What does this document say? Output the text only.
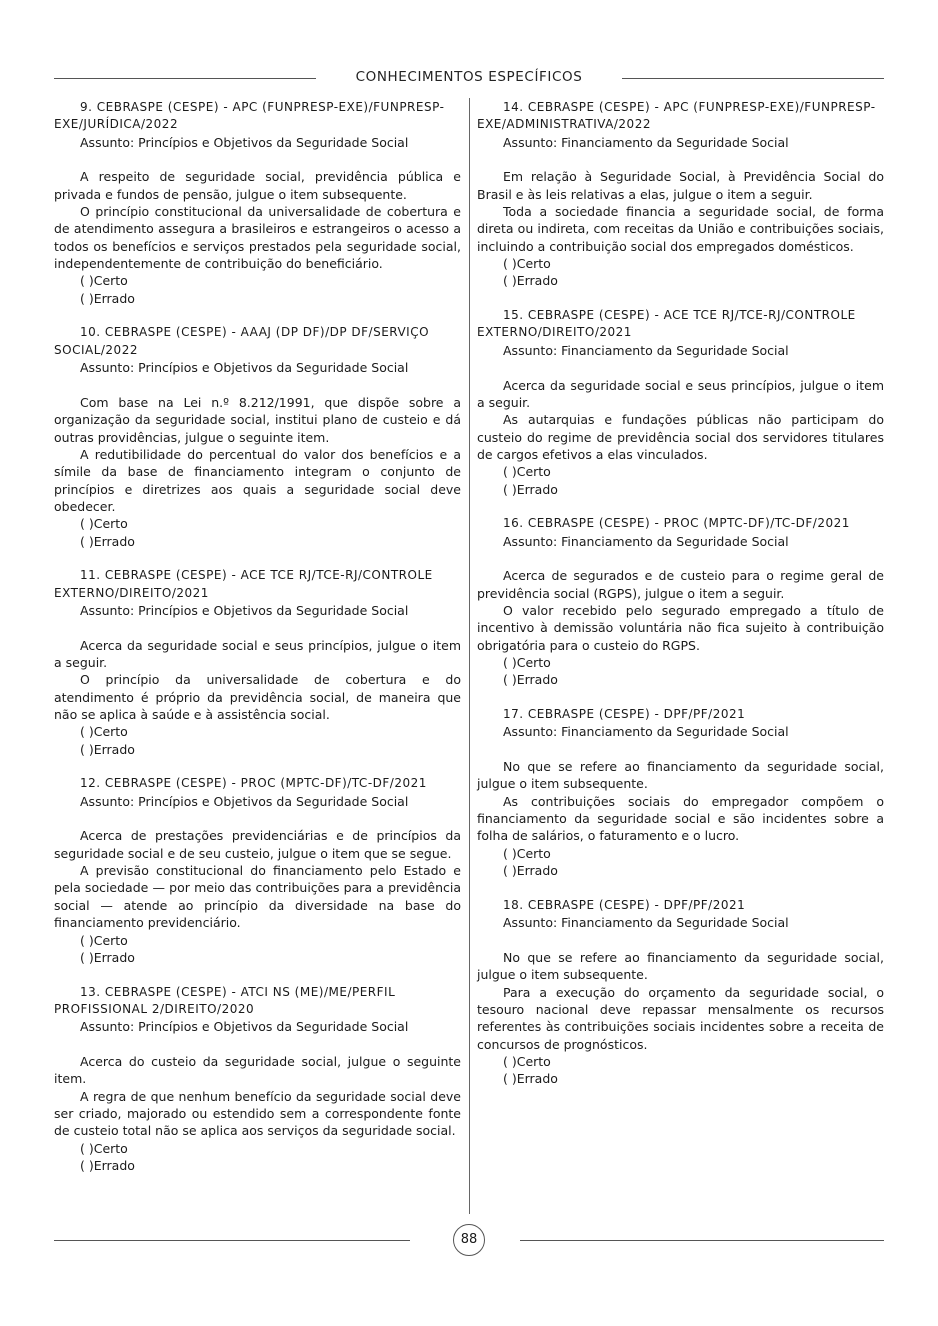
CONHECIMENTOS ESPECÍFICOS

9. CEBRASPE (CESPE) - APC (FUNPRESP-EXE)/FUNPRESP-EXE/JURÍDICA/2022

Assunto: Princípios e Objetivos da Seguridade Social

A respeito de seguridade social, previdência pública e privada e fundos de pensão, julgue o item subsequente.

O princípio constitucional da universalidade de cobertura e de atendimento assegura a brasileiros e estrangeiros o acesso a todos os benefícios e serviços prestados pela seguridade social, independentemente de contribuição do beneficiário.

( )Certo

( )Errado

10. CEBRASPE (CESPE) - AAAJ (DP DF)/DP DF/SERVIÇO SOCIAL/2022

Assunto: Princípios e Objetivos da Seguridade Social

Com base na Lei n.º 8.212/1991, que dispõe sobre a organização da seguridade social, institui plano de custeio e dá outras providências, julgue o seguinte item.

A redutibilidade do percentual do valor dos benefícios e a símile da base de financiamento integram o conjunto de princípios e diretrizes aos quais a seguridade social deve obedecer.

( )Certo

( )Errado

11. CEBRASPE (CESPE) - ACE TCE RJ/TCE-RJ/CONTROLE EXTERNO/DIREITO/2021

Assunto: Princípios e Objetivos da Seguridade Social

Acerca da seguridade social e seus princípios, julgue o item a seguir.

O princípio da universalidade de cobertura e do atendimento é próprio da previdência social, de maneira que não se aplica à saúde e à assistência social.

( )Certo

( )Errado

12. CEBRASPE (CESPE) - PROC (MPTC-DF)/TC-DF/2021

Assunto: Princípios e Objetivos da Seguridade Social

Acerca de prestações previdenciárias e de princípios da seguridade social e de seu custeio, julgue o item que se segue.

A previsão constitucional do financiamento pelo Estado e pela sociedade — por meio das contribuições para a previdência social — atende ao princípio da diversidade na base do financiamento previdenciário.

( )Certo

( )Errado

13. CEBRASPE (CESPE) - ATCI NS (ME)/ME/PERFIL PROFISSIONAL 2/DIREITO/2020

Assunto: Princípios e Objetivos da Seguridade Social

Acerca do custeio da seguridade social, julgue o seguinte item.

A regra de que nenhum benefício da seguridade social deve ser criado, majorado ou estendido sem a correspondente fonte de custeio total não se aplica aos serviços da seguridade social.

( )Certo

( )Errado

14. CEBRASPE (CESPE) - APC (FUNPRESP-EXE)/FUNPRESP-EXE/ADMINISTRATIVA/2022

Assunto: Financiamento da Seguridade Social

Em relação à Seguridade Social, à Previdência Social do Brasil e às leis relativas a elas, julgue o item a seguir.

Toda a sociedade financia a seguridade social, de forma direta ou indireta, com receitas da União e contribuições sociais, incluindo a contribuição social dos empregados domésticos.

( )Certo

( )Errado

15. CEBRASPE (CESPE) - ACE TCE RJ/TCE-RJ/CONTROLE EXTERNO/DIREITO/2021

Assunto: Financiamento da Seguridade Social

Acerca da seguridade social e seus princípios, julgue o item a seguir.

As autarquias e fundações públicas não participam do custeio do regime de previdência social dos servidores titulares de cargos efetivos a elas vinculados.

( )Certo

( )Errado

16. CEBRASPE (CESPE) - PROC (MPTC-DF)/TC-DF/2021

Assunto: Financiamento da Seguridade Social

Acerca de segurados e de custeio para o regime geral de previdência social (RGPS), julgue o item a seguir.

O valor recebido pelo segurado empregado a título de incentivo à demissão voluntária não fica sujeito à contribuição obrigatória para o custeio do RGPS.

( )Certo

( )Errado

17. CEBRASPE (CESPE) - DPF/PF/2021

Assunto: Financiamento da Seguridade Social

No que se refere ao financiamento da seguridade social, julgue o item subsequente.

As contribuições sociais do empregador compõem o financiamento da seguridade social e são incidentes sobre a folha de salários, o faturamento e o lucro.

( )Certo

( )Errado

18. CEBRASPE (CESPE) - DPF/PF/2021

Assunto: Financiamento da Seguridade Social

No que se refere ao financiamento da seguridade social, julgue o item subsequente.

Para a execução do orçamento da seguridade social, o tesouro nacional deve repassar mensalmente os recursos referentes às contribuições sociais incidentes sobre a receita de concursos de prognósticos.

( )Certo

( )Errado

88
